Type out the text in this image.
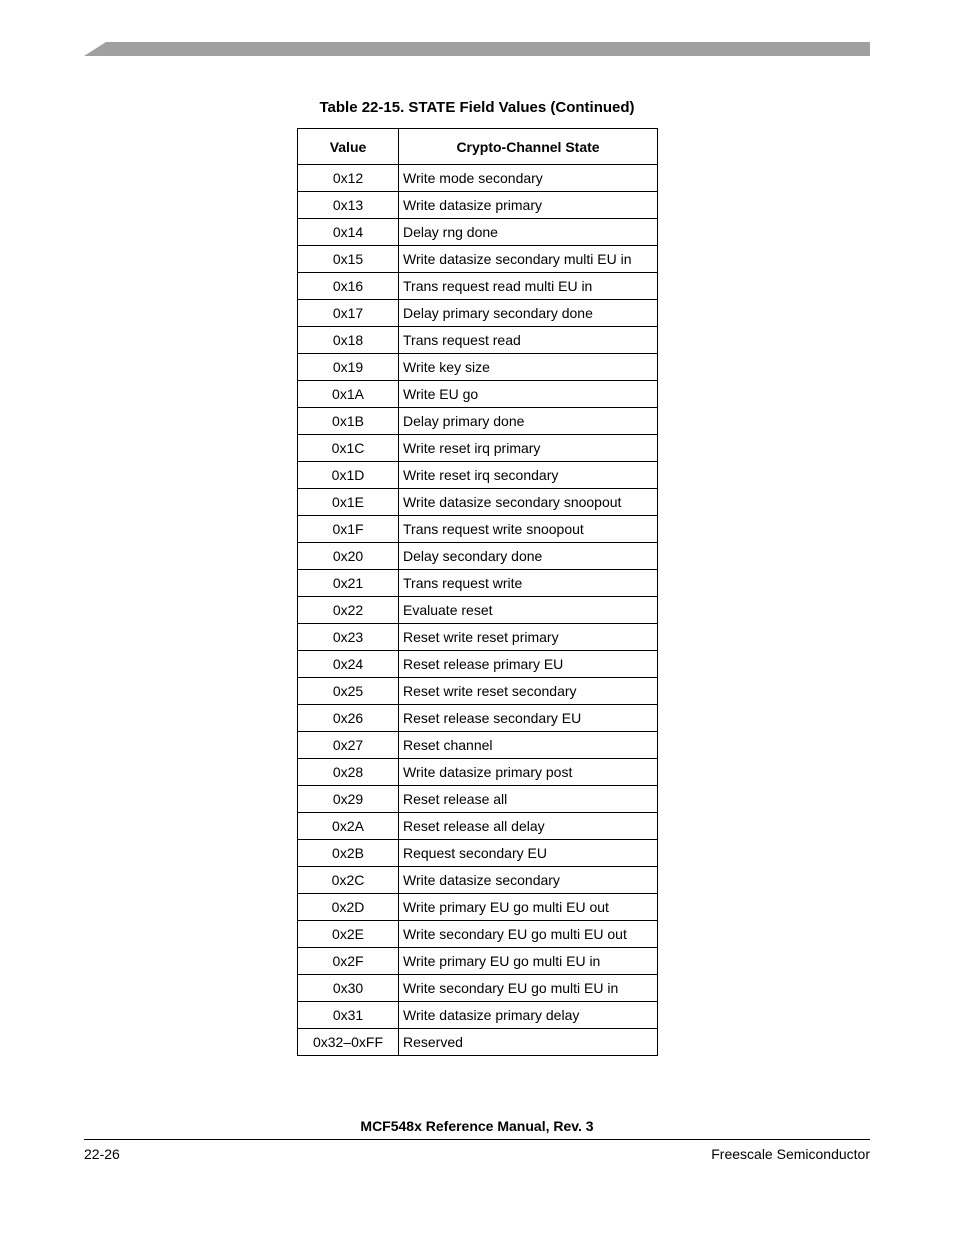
Table 22-15. STATE Field Values (Continued)
Value	Crypto-Channel State
0x12	Write mode secondary
0x13	Write datasize primary
0x14	Delay rng done
0x15	Write datasize secondary multi EU in
0x16	Trans request read multi EU in
0x17	Delay primary secondary done
0x18	Trans request read
0x19	Write key size
0x1A	Write EU go
0x1B	Delay primary done
0x1C	Write reset irq primary
0x1D	Write reset irq secondary
0x1E	Write datasize secondary snoopout
0x1F	Trans request write snoopout
0x20	Delay secondary done
0x21	Trans request write
0x22	Evaluate reset
0x23	Reset write reset primary
0x24	Reset release primary EU
0x25	Reset write reset secondary
0x26	Reset release secondary EU
0x27	Reset channel
0x28	Write datasize primary post
0x29	Reset release all
0x2A	Reset release all delay
0x2B	Request secondary EU
0x2C	Write datasize secondary
0x2D	Write primary EU go multi EU out
0x2E	Write secondary EU go multi EU out
0x2F	Write primary EU go multi EU in
0x30	Write secondary EU go multi EU in
0x31	Write datasize primary delay
0x32–0xFF	Reserved
MCF548x Reference Manual, Rev. 3
22-26	Freescale Semiconductor
